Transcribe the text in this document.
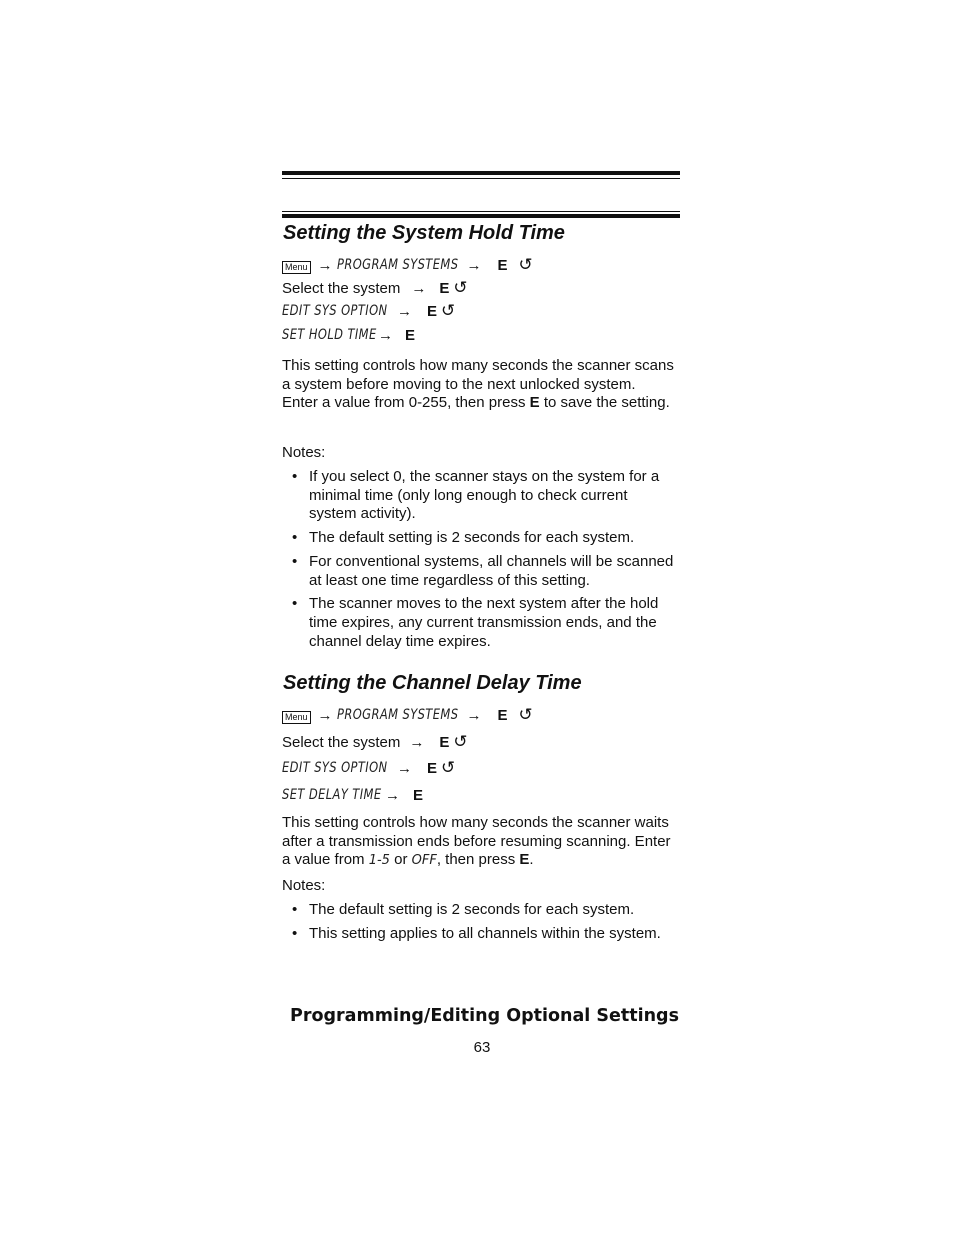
Setting the System Hold Time
Menu → PROGRAM SYSTEMS → E ↺
Select the system → E ↺
EDIT SYS OPTION → E ↺
SET HOLD TIME → E

This setting controls how many seconds the scanner scans a system before moving to the next unlocked system. Enter a value from 0-255, then press E to save the setting.

Notes:

• If you select 0, the scanner stays on the system for a minimal time (only long enough to check current system activity).
• The default setting is 2 seconds for each system.
• For conventional systems, all channels will be scanned at least one time regardless of this setting.
• The scanner moves to the next system after the hold time expires, any current transmission ends, and the channel delay time expires.
Setting the Channel Delay Time
Menu → PROGRAM SYSTEMS → E ↺
Select the system → E ↺
EDIT SYS OPTION → E ↺
SET DELAY TIME → E

This setting controls how many seconds the scanner waits after a transmission ends before resuming scanning. Enter a value from 1-5 or OFF, then press E.

Notes:

• The default setting is 2 seconds for each system.
• This setting applies to all channels within the system.

Programming/Editing Optional Settings

63
